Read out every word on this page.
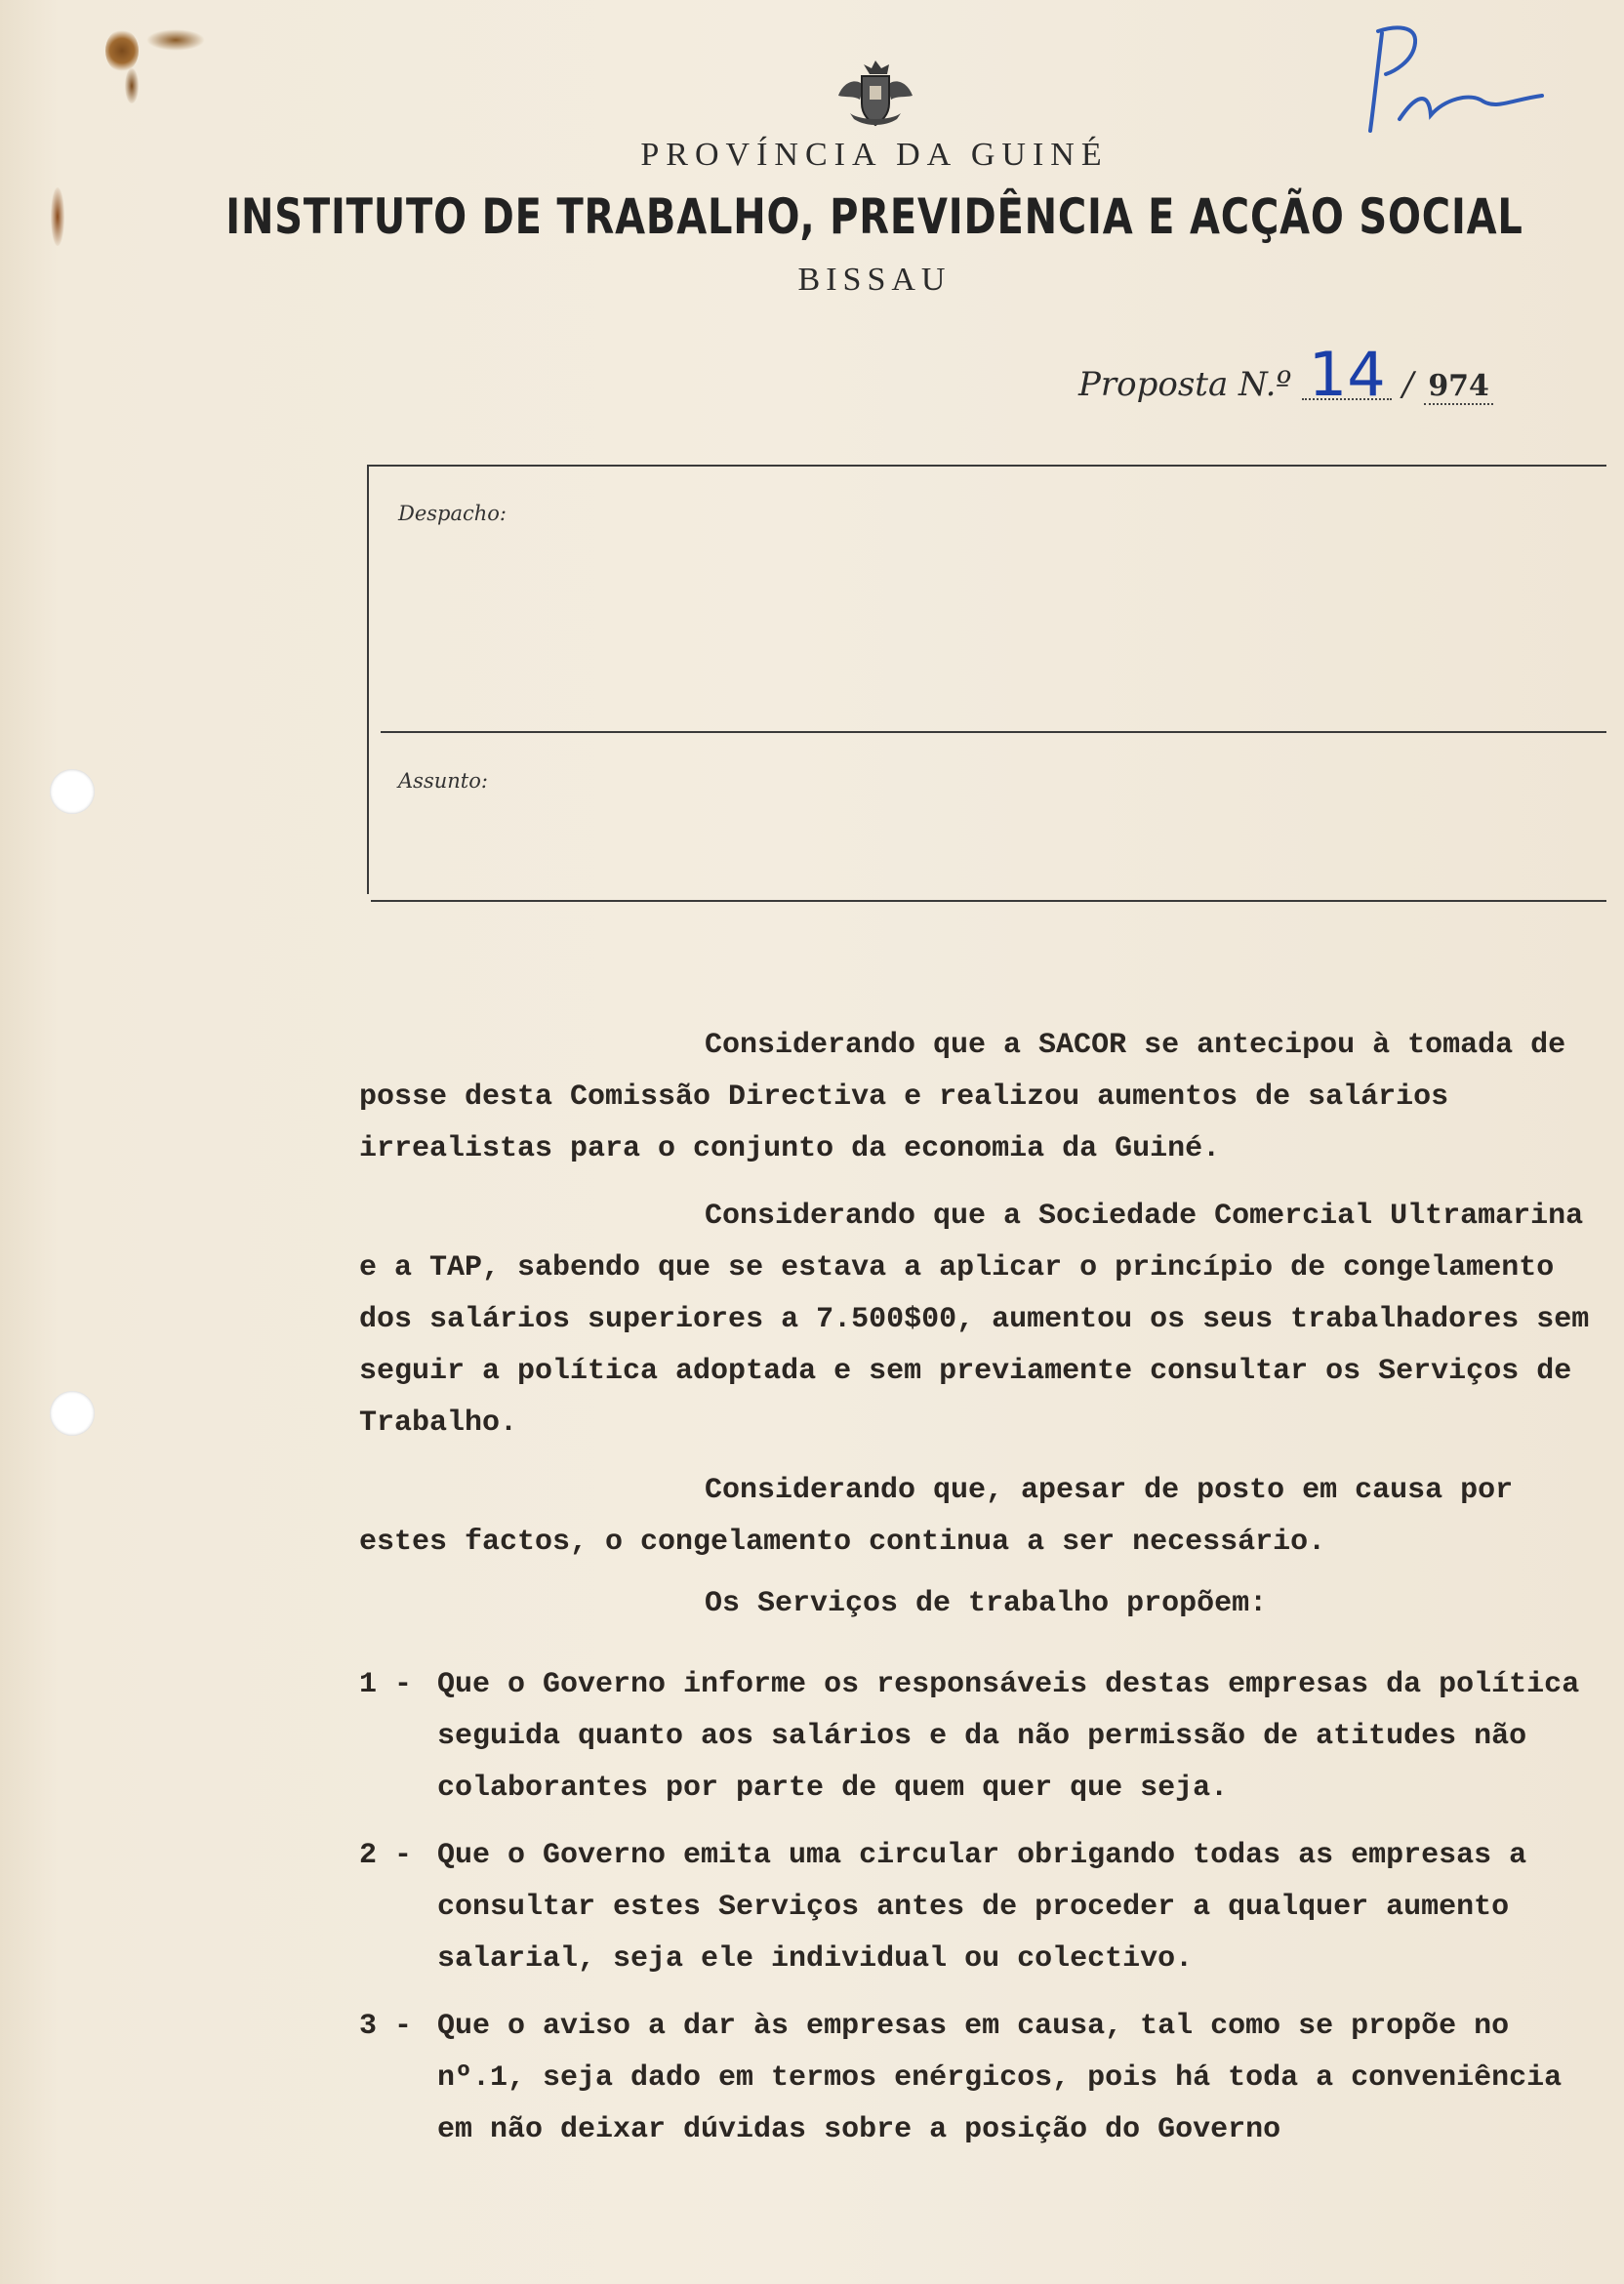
PROVÍNCIA DA GUINÉ
INSTITUTO DE TRABALHO, PREVIDÊNCIA E ACÇÃO SOCIAL
BISSAU
Proposta N.º 14 / 974
Despacho:
Assunto:

Considerando que a SACOR se antecipou à tomada de posse desta Comissão Directiva e realizou aumentos de salários irrealistas para o conjunto da economia da Guiné.

Considerando que a Sociedade Comercial Ultramarina e a TAP, sabendo que se estava a aplicar o princípio de congelamento dos salários superiores a 7.500$00, aumentou os seus trabalhadores sem seguir a política adoptada e sem previamente consultar os Serviços de Trabalho.

Considerando que, apesar de posto em causa por estes factos, o congelamento continua a ser necessário.

Os Serviços de trabalho propõem:

1 - Que o Governo informe os responsáveis destas empresas da política seguida quanto aos salários e da não permissão de atitudes não colaborantes por parte de quem quer que seja.
2 - Que o Governo emita uma circular obrigando todas as empresas a consultar estes Serviços antes de proceder a qualquer aumento salarial, seja ele individual ou colectivo.
3 - Que o aviso a dar às empresas em causa, tal como se propõe no nº.1, seja dado em termos enérgicos, pois há toda a conveniência em não deixar dúvidas sobre a posição do Governo
